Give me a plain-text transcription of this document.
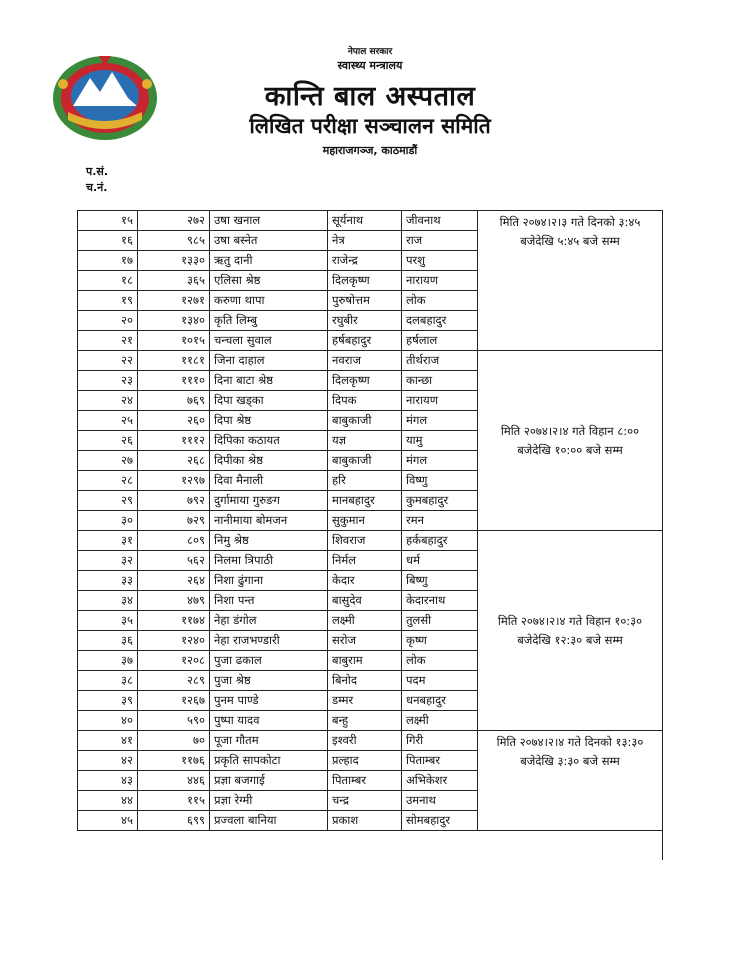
नेपाल सरकार
स्वास्थ्य मन्त्रालय
कान्ति बाल अस्पताल
लिखित परीक्षा सञ्चालन समिति
महाराजगञ्ज, काठमाडौं
प.सं.
च.नं.
१५	२७२	उषा खनाल	सूर्यनाथ	जीवनाथ	मिति २०७४।२।३ गते दिनको ३:४५
बजेदेखि ५:४५ बजे सम्म

१६	९८५	उषा बस्नेत	नेत्र	राज	
१७	१३३०	ऋतु दानी	राजेन्द्र	परशु	
१८	३६५	एलिसा श्रेष्ठ	दिलकृष्ण	नारायण	
१९	१२७१	करुणा थापा	पुरुषोत्तम	लोक	
२०	१३४०	कृति लिम्बु	रघुबीर	दलबहादुर	
२१	१०१५	चन्चला सुवाल	हर्षबहादुर	हर्षलाल	
२२	११८१	जिना दाहाल	नवराज	तीर्थराज	मिति २०७४।२।४ गते विहान ८:००
बजेदेखि १०:०० बजे सम्म

२३	१११०	दिना बाटा श्रेष्ठ	दिलकृष्ण	कान्छा	
२४	७६९	दिपा खड्का	दिपक	नारायण	
२५	२६०	दिपा श्रेष्ठ	बाबुकाजी	मंगल	
२६	१११२	दिपिका कठायत	यज्ञ	यामु	
२७	२६८	दिपीका श्रेष्ठ	बाबुकाजी	मंगल	
२८	१२९७	दिवा मैनाली	हरि	विष्णु	
२९	७९२	दुर्गामाया गुरुङग	मानबहादुर	कुमबहादुर	
३०	७२९	नानीमाया बोमजन	सुकुमान	रमन	
३१	८०९	निमु श्रेष्ठ	शिवराज	हर्कबहादुर	मिति २०७४।२।४ गते विहान १०:३०
बजेदेखि १२:३० बजे सम्म

३२	५६२	निलमा त्रिपाठी	निर्मल	धर्म	
३३	२६४	निशा ढुंगाना	केदार	बिष्णु	
३४	४७९	निशा पन्त	बासुदेव	केदारनाथ	
३५	११७४	नेहा डंगोल	लक्ष्मी	तुलसी	
३६	१२४०	नेहा राजभण्डारी	सरोज	कृष्ण	
३७	१२०८	पुजा ढकाल	बाबुराम	लोक	
३८	२८९	पुजा श्रेष्ठ	बिनोद	पदम	
३९	१२६७	पुनम पाण्डे	डम्मर	धनबहादुर	
४०	५९०	पुष्पा यादव	बन्हु	लक्ष्मी	
४१	७०	पूजा गौतम	इश्वरी	गिरी	मिति २०७४।२।४ गते दिनको १३:३०
बजेदेखि ३:३० बजे सम्म

४२	११७६	प्रकृति सापकोटा	प्रल्हाद	पिताम्बर	
४३	४४६	प्रज्ञा बजगाई	पिताम्बर	अभिकेशर	
४४	११५	प्रज्ञा रेग्मी	चन्द्र	उमनाथ	
४५	६९९	प्रज्वला बानिया	प्रकाश	सोमबहादुर	
